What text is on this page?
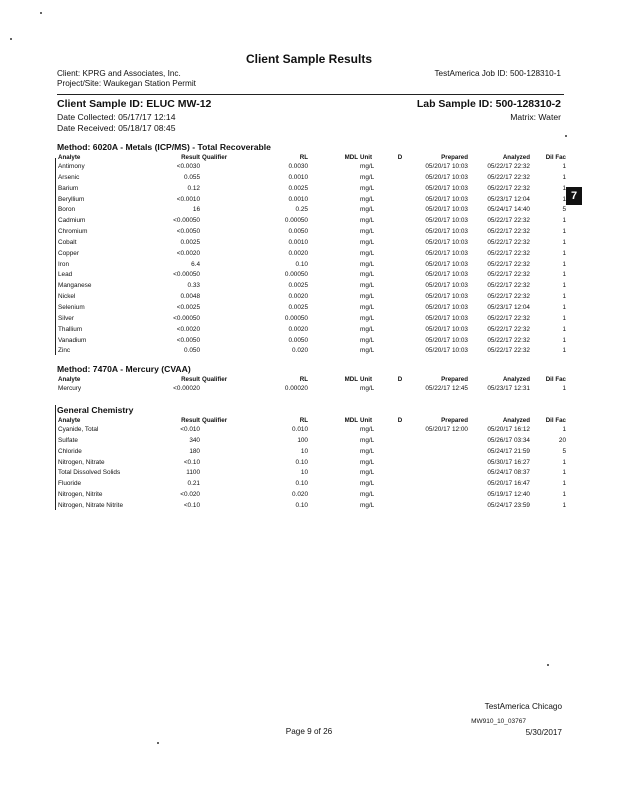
Client Sample Results
Client: KPRG and Associates, Inc.
Project/Site: Waukegan Station Permit
TestAmerica Job ID: 500-128310-1
Client Sample ID: ELUC MW-12	Lab Sample ID: 500-128310-2
Date Collected: 05/17/17 12:14
Date Received: 05/18/17 08:45
Matrix: Water
7
Method: 6020A - Metals (ICP/MS) - Total Recoverable
Analyte	Result	Qualifier	RL	MDL	Unit	D	Prepared	Analyzed	Dil Fac
Antimony	<0.0030		0.0030		mg/L		05/20/17 10:03	05/22/17 22:32	1
Arsenic	0.055		0.0010		mg/L		05/20/17 10:03	05/22/17 22:32	1
Barium	0.12		0.0025		mg/L		05/20/17 10:03	05/22/17 22:32	1
Beryllium	<0.0010		0.0010		mg/L		05/20/17 10:03	05/23/17 12:04	1
Boron	16		0.25		mg/L		05/20/17 10:03	05/24/17 14:40	5
Cadmium	<0.00050		0.00050		mg/L		05/20/17 10:03	05/22/17 22:32	1
Chromium	<0.0050		0.0050		mg/L		05/20/17 10:03	05/22/17 22:32	1
Cobalt	0.0025		0.0010		mg/L		05/20/17 10:03	05/22/17 22:32	1
Copper	<0.0020		0.0020		mg/L		05/20/17 10:03	05/22/17 22:32	1
Iron	6.4		0.10		mg/L		05/20/17 10:03	05/22/17 22:32	1
Lead	<0.00050		0.00050		mg/L		05/20/17 10:03	05/22/17 22:32	1
Manganese	0.33		0.0025		mg/L		05/20/17 10:03	05/22/17 22:32	1
Nickel	0.0048		0.0020		mg/L		05/20/17 10:03	05/22/17 22:32	1
Selenium	<0.0025		0.0025		mg/L		05/20/17 10:03	05/23/17 12:04	1
Silver	<0.00050		0.00050		mg/L		05/20/17 10:03	05/22/17 22:32	1
Thallium	<0.0020		0.0020		mg/L		05/20/17 10:03	05/22/17 22:32	1
Vanadium	<0.0050		0.0050		mg/L		05/20/17 10:03	05/22/17 22:32	1
Zinc	0.050		0.020		mg/L		05/20/17 10:03	05/22/17 22:32	1
Method: 7470A - Mercury (CVAA)
Analyte	Result	Qualifier	RL	MDL	Unit	D	Prepared	Analyzed	Dil Fac
Mercury	<0.00020		0.00020		mg/L		05/22/17 12:45	05/23/17 12:31	1
General Chemistry
Analyte	Result	Qualifier	RL	MDL	Unit	D	Prepared	Analyzed	Dil Fac
Cyanide, Total	<0.010		0.010		mg/L		05/20/17 12:00	05/20/17 16:12	1
Sulfate	340		100		mg/L			05/26/17 03:34	20
Chloride	180		10		mg/L			05/24/17 21:59	5
Nitrogen, Nitrate	<0.10		0.10		mg/L			05/30/17 16:27	1
Total Dissolved Solids	1100		10		mg/L			05/24/17 08:37	1
Fluoride	0.21		0.10		mg/L			05/20/17 16:47	1
Nitrogen, Nitrite	<0.020		0.020		mg/L			05/19/17 12:40	1
Nitrogen, Nitrate Nitrite	<0.10		0.10		mg/L			05/24/17 23:59	1
TestAmerica Chicago
MW910_10_03767
Page 9 of 26	5/30/2017
